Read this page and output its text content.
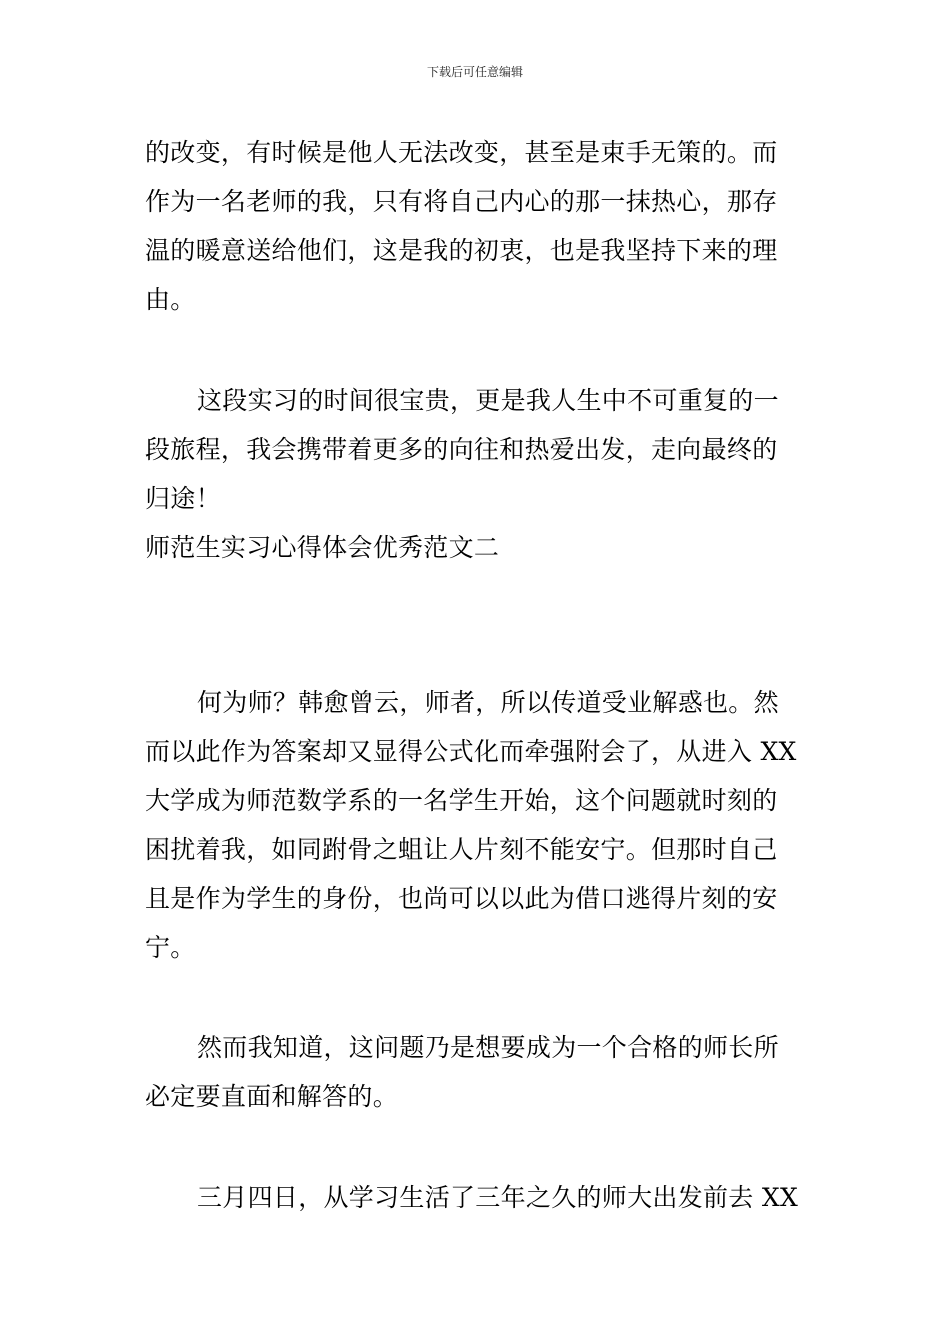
下载后可任意编辑
的改变，有时候是他人无法改变，甚至是束手无策的。而
作为一名老师的我，只有将自己内心的那一抹热心，那存
温的暖意送给他们，这是我的初衷，也是我坚持下来的理
由。
这段实习的时间很宝贵，更是我人生中不可重复的一
段旅程，我会携带着更多的向往和热爱出发，走向最终的
归途！
师范生实习心得体会优秀范文二
何为师？韩愈曾云，师者，所以传道受业解惑也。然
而以此作为答案却又显得公式化而牵强附会了，从进入 XX
大学成为师范数学系的一名学生开始，这个问题就时刻的
困扰着我，如同跗骨之蛆让人片刻不能安宁。但那时自己
且是作为学生的身份，也尚可以以此为借口逃得片刻的安
宁。
然而我知道，这问题乃是想要成为一个合格的师长所
必定要直面和解答的。
三月四日，从学习生活了三年之久的师大出发前去 XX
